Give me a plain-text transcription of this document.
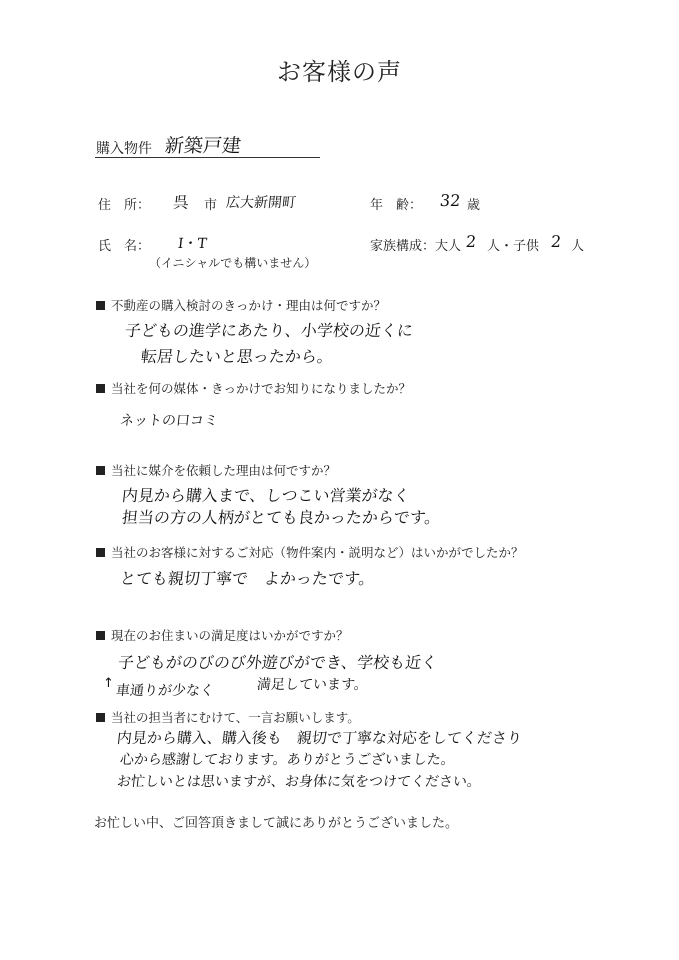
お客様の声
購入物件 新築戸建
住　所： 呉 市 広大新開町	年　齢： 32 歳
氏　名： I・T
（イニシャルでも構いません）
家族構成：大人 2 人・子供 2 人
不動産の購入検討のきっかけ・理由は何ですか？
子どもの進学にあたり、小学校の近くに
転居したいと思ったから。
当社を何の媒体・きっかけでお知りになりましたか？
ネットの口コミ
当社に媒介を依頼した理由は何ですか？
内見から購入まで、しつこい営業がなく
担当の方の人柄がとても良かったからです。
当社のお客様に対するご対応（物件案内・説明など）はいかがでしたか？
とても親切丁寧で　よかったです。
現在のお住まいの満足度はいかがですか？
子どもがのびのび外遊びができ、学校も近く
↑ 車通りが少なく	満足しています。
当社の担当者にむけて、一言お願いします。
内見から購入、購入後も　親切で丁寧な対応をしてくださり
心から感謝しております。ありがとうございました。
お忙しいとは思いますが、お身体に気をつけてください。
お忙しい中、ご回答頂きまして誠にありがとうございました。
